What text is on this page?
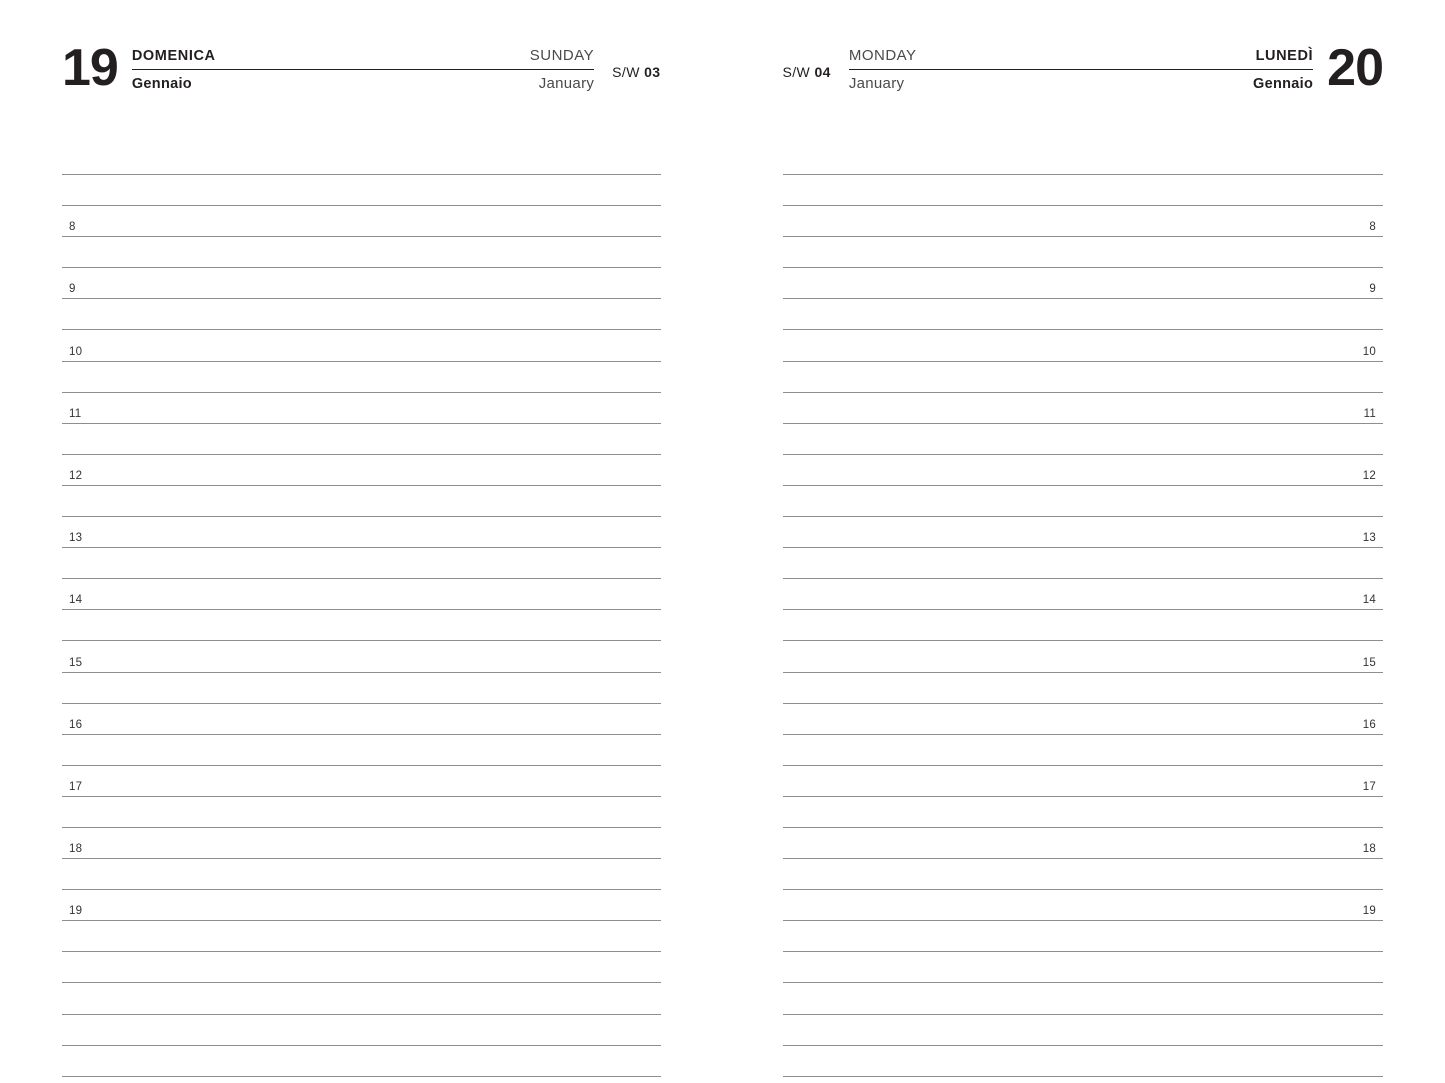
19 DOMENICA	SUNDAY
Gennaio	January
S/W 03
8
9
10
11
12
13
14
15
16
17
18
19
S/W 04
MONDAY	LUNEDÌ
January	Gennaio 20
8
9
10
11
12
13
14
15
16
17
18
19
